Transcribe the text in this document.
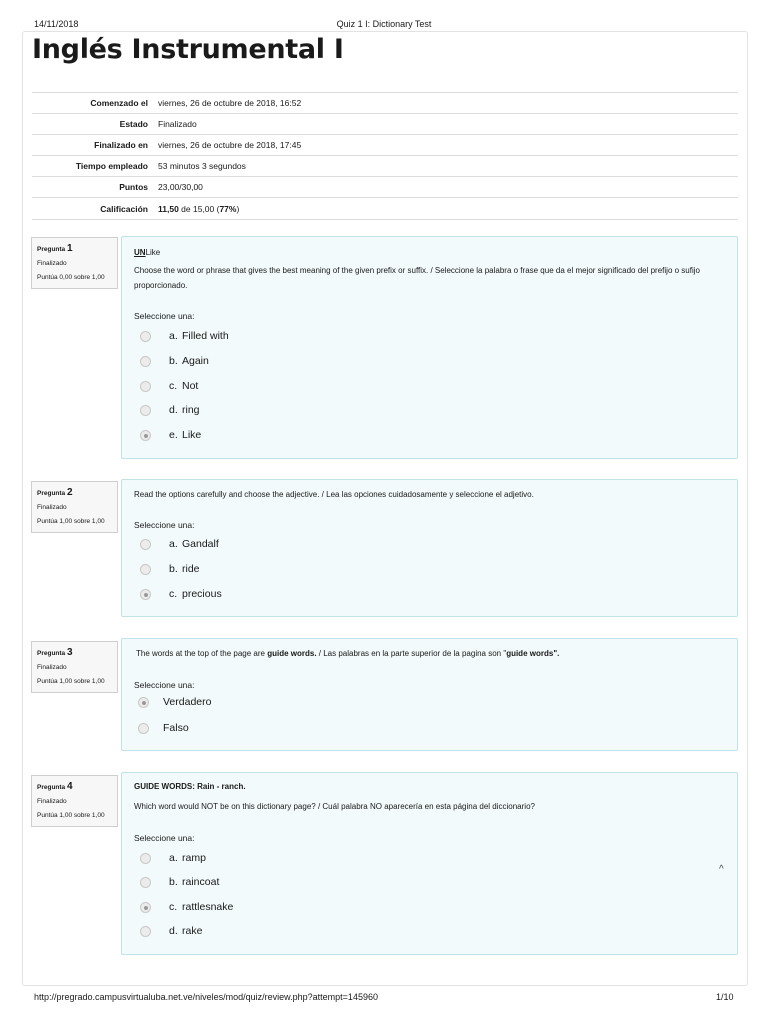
14/11/2018	Quiz 1 I: Dictionary Test
Inglés Instrumental I
Comenzado el	viernes, 26 de octubre de 2018, 16:52
Estado	Finalizado
Finalizado en	viernes, 26 de octubre de 2018, 17:45
Tiempo empleado	53 minutos 3 segundos
Puntos	23,00/30,00
Calificación	11,50 de 15,00 (77%)
Pregunta 1
Finalizado
Puntúa 0,00 sobre 1,00
UNLike
Choose the word or phrase that gives the best meaning of the given prefix or suffix. / Seleccione la palabra o frase que da el mejor significado del prefijo o sufijo proporcionado.
Seleccione una:
a. Filled with
b. Again
c. Not
d. ring
e. Like
Pregunta 2
Finalizado
Puntúa 1,00 sobre 1,00
Read the options carefully and choose the adjective. / Lea las opciones cuidadosamente y seleccione el adjetivo.
Seleccione una:
a. Gandalf
b. ride
c. precious
Pregunta 3
Finalizado
Puntúa 1,00 sobre 1,00
The words at the top of the page are guide words. / Las palabras en la parte superior de la pagina son "guide words".
Seleccione una:
Verdadero
Falso
Pregunta 4
Finalizado
Puntúa 1,00 sobre 1,00
GUIDE WORDS: Rain - ranch.
Which word would NOT be on this dictionary page? / Cuál palabra NO aparecería en esta página del diccionario?
Seleccione una:
a. ramp
b. raincoat
c. rattlesnake
d. rake
^
http://pregrado.campusvirtualuba.net.ve/niveles/mod/quiz/review.php?attempt=145960	1/10
